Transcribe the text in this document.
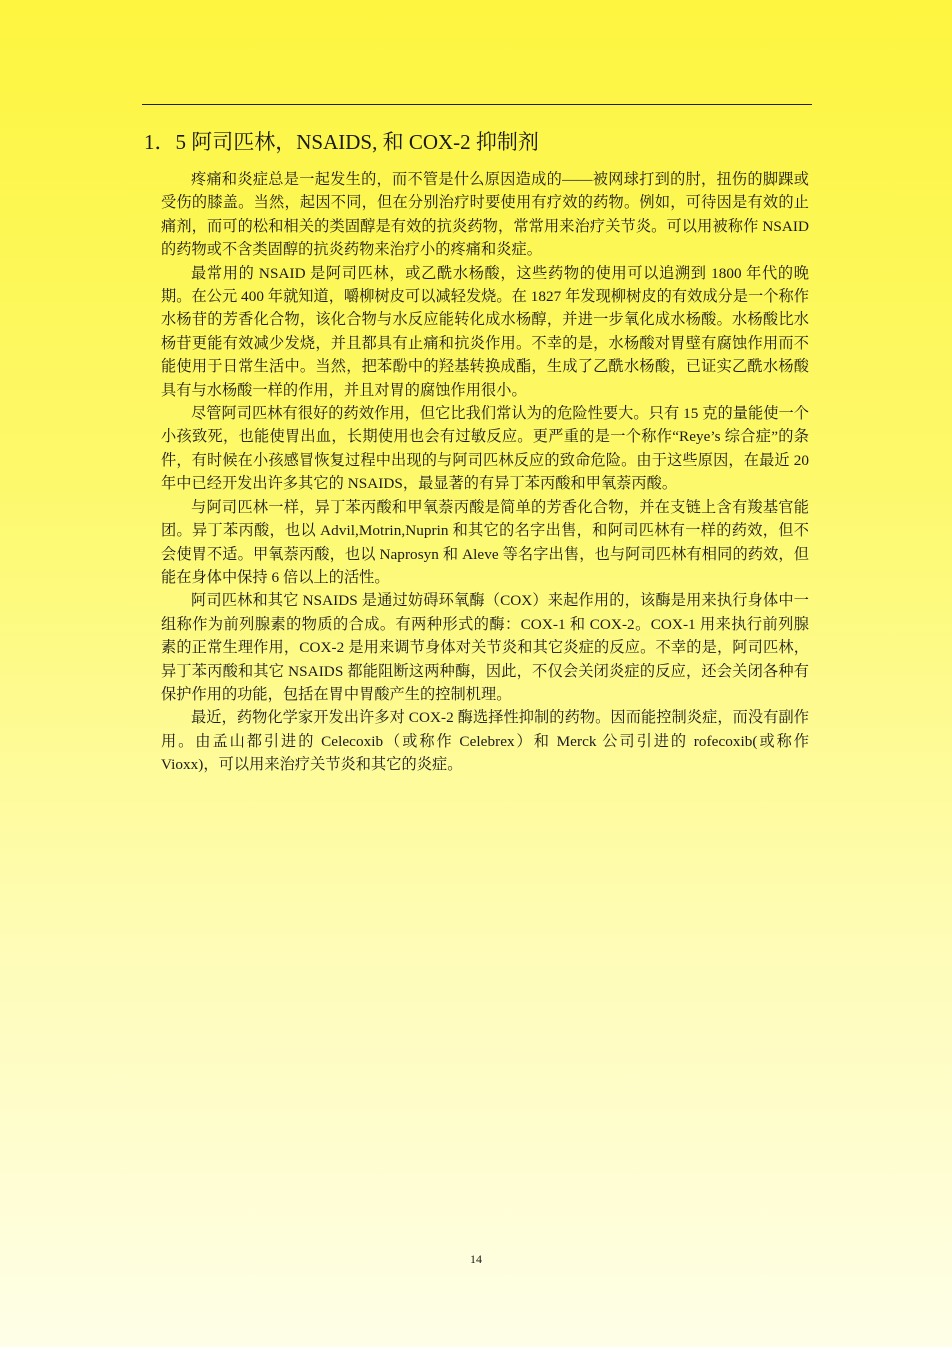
1．5 阿司匹林，NSAIDS, 和 COX-2 抑制剂

疼痛和炎症总是一起发生的，而不管是什么原因造成的——被网球打到的肘，扭伤的脚踝或受伤的膝盖。当然，起因不同，但在分别治疗时要使用有疗效的药物。例如，可待因是有效的止痛剂，而可的松和相关的类固醇是有效的抗炎药物，常常用来治疗关节炎。可以用被称作 NSAID 的药物或不含类固醇的抗炎药物来治疗小的疼痛和炎症。

最常用的 NSAID 是阿司匹林，或乙酰水杨酸，这些药物的使用可以追溯到 1800 年代的晚期。在公元 400 年就知道，嚼柳树皮可以减轻发烧。在 1827 年发现柳树皮的有效成分是一个称作水杨苷的芳香化合物，该化合物与水反应能转化成水杨醇，并进一步氧化成水杨酸。水杨酸比水杨苷更能有效减少发烧，并且都具有止痛和抗炎作用。不幸的是，水杨酸对胃壁有腐蚀作用而不能使用于日常生活中。当然，把苯酚中的羟基转换成酯，生成了乙酰水杨酸，已证实乙酰水杨酸具有与水杨酸一样的作用，并且对胃的腐蚀作用很小。

尽管阿司匹林有很好的药效作用，但它比我们常认为的危险性要大。只有 15 克的量能使一个小孩致死，也能使胃出血，长期使用也会有过敏反应。更严重的是一个称作“Reye’s 综合症”的条件，有时候在小孩感冒恢复过程中出现的与阿司匹林反应的致命危险。由于这些原因，在最近 20 年中已经开发出许多其它的 NSAIDS，最显著的有异丁苯丙酸和甲氧萘丙酸。

与阿司匹林一样，异丁苯丙酸和甲氧萘丙酸是简单的芳香化合物，并在支链上含有羧基官能团。异丁苯丙酸，也以 Advil,Motrin,Nuprin 和其它的名字出售，和阿司匹林有一样的药效，但不会使胃不适。甲氧萘丙酸，也以 Naprosyn 和 Aleve 等名字出售，也与阿司匹林有相同的药效，但能在身体中保持 6 倍以上的活性。

阿司匹林和其它 NSAIDS 是通过妨碍环氧酶（COX）来起作用的，该酶是用来执行身体中一组称作为前列腺素的物质的合成。有两种形式的酶：COX-1 和 COX-2。COX-1 用来执行前列腺素的正常生理作用，COX-2 是用来调节身体对关节炎和其它炎症的反应。不幸的是，阿司匹林，异丁苯丙酸和其它 NSAIDS 都能阻断这两种酶，因此，不仅会关闭炎症的反应，还会关闭各种有保护作用的功能，包括在胃中胃酸产生的控制机理。

最近，药物化学家开发出许多对 COX-2 酶选择性抑制的药物。因而能控制炎症，而没有副作用。由孟山都引进的 Celecoxib（或称作 Celebrex）和 Merck 公司引进的 rofecoxib(或称作 Vioxx)，可以用来治疗关节炎和其它的炎症。

14
